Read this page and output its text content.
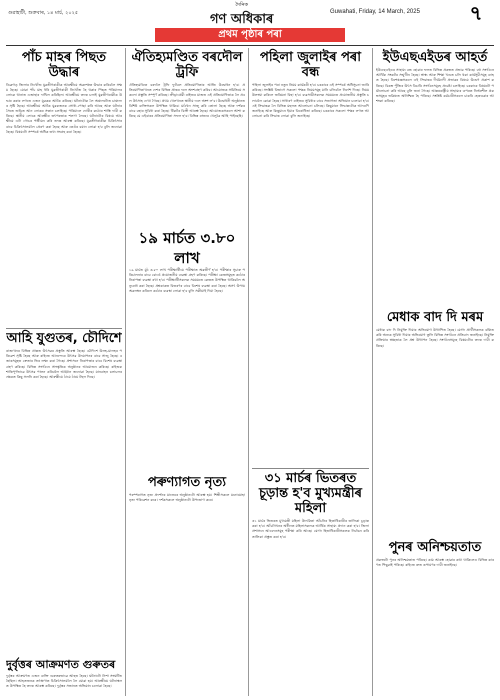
গুৱাহাটী, শুক্ৰবাৰ, ১৪ মাৰ্চ, ২০২৫
দৈনিক
গণ অধিকাৰ	Guwahati, Friday, 14 March, 2025	৭
প্ৰথম পৃষ্ঠাৰ পৰা
পাঁচ মাহৰ পিছত উদ্ধাৰ
ডিব্ৰুগড় জিলাৰ নিখোঁজ যুৱতীগৰাকীক আৰক্ষীয়ে অৱশেষত উদ্ধাৰ কৰিবলৈ সক্ষম হৈছে। যোৱা পাঁচ মাহ ধৰি যুৱতীগৰাকী নিখোঁজ হৈ থকাৰ পিছত পৰিয়ালৰ লোকে থানাত এজাহাৰ দাখিল কৰিছিল। আৰক্ষীয়ে তদন্ত চলাই যুৱতীগৰাকীক উদ্ধাৰ কৰাৰ লগতে এজন যুৱকক আটক কৰিছে। ঘটনাটোক লৈ অঞ্চলটোত চাঞ্চল্যৰ সৃষ্টি হৈছে। আৰক্ষীয়ে আটক যুৱকজনক সোধা-পোছা কৰি আছে আৰু ঘটনাৰ সৈতে জড়িত আন লোকৰ সন্ধান চলাইছে। পৰিয়ালে দোষীৰ কঠোৰ শাস্তি দাবী কৰিছে। স্থানীয় লোকে আৰক্ষীৰ তৎপৰতাক শলাগ লৈছে। ঘটনাটোৰ বিষয়ে আৰক্ষীয়ে এটা গোচৰ পঞ্জীয়ন কৰি তদন্ত আৰম্ভ কৰিছে। যুৱতীগৰাকীক চিকিৎসাৰ বাবে চিকিৎসালয়লৈ প্ৰেৰণ কৰা হৈছে আৰু তেওঁৰ বয়ান লোৱা হ'ব বুলি জনোৱা হৈছে। বিষয়টো সম্পৰ্কে অধিক তথ্য সংগ্ৰহ কৰা হৈছে।
আহি যুগুতৰ, চৌদিশে
ৰাজ্যখনৰ বিভিন্ন প্ৰান্তত উৎসৱৰ প্ৰস্তুতি আৰম্ভ হৈছে। চৌদিশে উলহ-মালহৰ পৰিৱেশ সৃষ্টি হৈছে আৰু ৰাইজে আনন্দেৰে উৎসৱ উদযাপনৰ বাবে সাজু হৈছে। বজাৰসমূহত ক্ৰেতাৰ ভিৰ লক্ষ্য কৰা গৈছে। প্ৰশাসনে নিৰাপত্তাৰ বাবে বিশেষ ব্যৱস্থা গ্ৰহণ কৰিছে। বিভিন্ন সংগঠনে সাংস্কৃতিক অনুষ্ঠানৰ আয়োজন কৰিছে। ৰাইজক শান্তিপূৰ্ণভাৱে উৎসৱ পালন কৰিবলৈ আহ্বান জনোৱা হৈছে। যানবাহন চলাচলৰ ক্ষেত্ৰত কিছু সলনি কৰা হৈছে। আৰক্ষীয়ে ঠায়ে ঠায়ে টহল দিছে।
দুৰ্বৃত্তৰ আক্ৰমণত গুৰুতৰ
দুৰ্বৃত্তৰ আক্ৰমণত এজন ব্যক্তি গুৰুতৰভাৱে আহত হৈছে। ঘটনাটো নিশা সংঘটিত হৈছিল। আহতজনক তৎক্ষণাত চিকিৎসালয়লৈ লৈ যোৱা হয়। আৰক্ষীয়ে ঘটনাস্থলত উপস্থিত হৈ তদন্ত আৰম্ভ কৰিছে। দুৰ্বৃত্তৰ সন্ধানত অভিযান চলোৱা হৈছে।
ঐতিহ্যমণ্ডিত বৰদৌল ট্ৰফি
ঐতিহ্যমণ্ডিত বৰদলৈ ট্ৰফি ফুটবল প্ৰতিযোগিতাৰ আজি উদ্বোধন হ'ব। প্ৰতিযোগিতাখনত দেশৰ বিভিন্ন প্ৰান্তৰ দলে অংশগ্ৰহণ কৰিব। আয়োজক সমিতিয়ে সকলো প্ৰস্তুতি সম্পূৰ্ণ কৰিছে। ক্ৰীড়াপ্ৰেমী ৰাইজৰ মাজত এই প্ৰতিযোগিতাক লৈ প্ৰবল উৎসাহ দেখা গৈছে। প্ৰথম খেলখনত স্থানীয় দলে অংশ ল'ব। উদ্বোধনী অনুষ্ঠানত বিশিষ্ট ব্যক্তিসকল উপস্থিত থাকিব। মাঠখন সাজু কৰি তোলা হৈছে আৰু দৰ্শকৰ বাবে বহাৰ সুবিধা কৰা হৈছে। টিকটৰ বিক্ৰী আৰম্ভ হৈছে। আয়োজকসকলে আশা কৰিছে যে এইবাৰৰ প্ৰতিযোগিতা সফল হ'ব। বিভিন্ন ৰাজ্যৰ খেলুৱৈ আহি পাইছেহি।
১৯ মাৰ্চত ৩.৮০ লাখ
১৯ মাৰ্চত মুঠ ৩.৮০ লাখ পৰীক্ষাৰ্থীয়ে পৰীক্ষাত অৱতীৰ্ণ হ'ব। পৰীক্ষাৰ সুচাৰু পৰিচালনাৰ বাবে বোৰ্ডে প্ৰয়োজনীয় ব্যৱস্থা গ্ৰহণ কৰিছে। পৰীক্ষা কেন্দ্ৰসমূহত কঠোৰ নিৰাপত্তা ব্যৱস্থা ৰখা হ'ব। পৰীক্ষাৰ্থীসকলক সময়মতে কেন্দ্ৰত উপস্থিত থাকিবলৈ অনুৰোধ কৰা হৈছে। প্ৰশ্নকাকত বিতৰণৰ বাবে বিশেষ ব্যৱস্থা কৰা হৈছে। অসৎ উপায় অৱলম্বন কৰিলে কঠোৰ ব্যৱস্থা লোৱা হ'ব বুলি সকীয়াই দিয়া হৈছে।
পৰুণ্যাগত নৃত্য
পৰম্পৰাগত নৃত্য প্ৰদৰ্শনৰ মাজেৰে অনুষ্ঠানটো আৰম্ভ হয়। শিল্পীসকলে মনোমোহা নৃত্য পৰিৱেশন কৰে। দৰ্শকসকলে অনুষ্ঠানটো উপভোগ কৰে।
পহিলা জুলাইৰ পৰা বন্ধ
পহিলা জুলাইৰ পৰা নতুন নিয়ম কাৰ্যকৰী হ'ব। চৰকাৰে এই সম্পৰ্কে অধিসূচনা জাৰি কৰিছে। সংশ্লিষ্ট বিভাগে সকলো পক্ষক নিয়মসমূহ মানি চলিবলৈ নিৰ্দেশ দিছে। নিয়ম উলংঘা কৰিলে জৰিমনা বিহা হ'ব। ব্যৱসায়ীসকলক সময়মতে প্ৰয়োজনীয় প্ৰস্তুতি চলাবলৈ কোৱা হৈছে। সাধাৰণ ৰাইজৰ সুবিধাৰ বাবে সজাগতা অভিযান চলোৱা হ'ব। এই সিদ্ধান্তক লৈ বিভিন্ন মহলত আলোচনা চলিছে। কিছুমানে সিদ্ধান্তটোক আদৰণি জনাইছে আৰু কিছুমানে ইয়াৰ বিৰোধিতা কৰিছে। চৰকাৰে সকলো পক্ষৰ লগত আলোচনা কৰি সিদ্ধান্ত লোৱা বুলি জনাইছে।
৩১ মাৰ্চৰ ভিতৰত চূড়ান্ত হ'ব মুখ্যমন্ত্ৰীৰ মহিলা
৩১ মাৰ্চৰ ভিতৰত মুখ্যমন্ত্ৰী মহিলা উদ্যমিতা আঁচনিৰ হিতাধিকাৰীৰ তালিকা চূড়ান্ত কৰা হ'ব। আঁচনিখনৰ অধীনত মহিলাসকলক আৰ্থিক সাহায্য প্ৰদান কৰা হ'ব। জিলা প্ৰশাসনে আবেদনসমূহ পৰীক্ষা কৰি আছে। যোগ্য হিতাধিকাৰীসকলক নিৰ্বাচন কৰি তালিকা প্ৰস্তুত কৰা হ'ব।
ইউএছএইডৰ আহৰ্ত
ইউএছএইডৰ সাহায্য বন্ধ হোৱাৰ ফলত বিভিন্ন প্ৰকল্পত প্ৰভাৱ পৰিছে। বহু সংগঠনে আৰ্থিক সংকটৰ সন্মুখীন হৈছে। স্বাস্থ্য আৰু শিক্ষা খণ্ডত চলি থকা কাৰ্যসূচীসমূহ ব্যাহত হৈছে। বিশেষজ্ঞসকলে এই সিদ্ধান্তৰ দীৰ্ঘম্যাদী প্ৰভাৱৰ বিষয়ে উদ্বেগ প্ৰকাশ কৰিছে। বিকল্প পুঁজিৰ উৎস বিচাৰি সংগঠনসমূহে প্ৰচেষ্টা চলাইছে। চৰকাৰে বিষয়টো পৰ্যালোচনা কৰি আছে বুলি জনা গৈছে। আন্তঃৰাষ্ট্ৰীয় সাহায্যৰ ওপৰত নিৰ্ভৰশীল প্ৰকল্পসমূহৰ ভৱিষ্যত অনিশ্চিত হৈ পৰিছে। সংশ্লিষ্ট কৰ্মচাৰীসকলে চাকৰি হেৰুওৱাৰ আশংকা কৰিছে।
মেধাক বাদ দি মৰম
মেধাক বাদ দি নিযুক্তি দিয়াৰ অভিযোগ উত্থাপিত হৈছে। যোগ্য প্ৰাৰ্থীসকলক বঞ্চিত কৰি অন্যক সুবিধা দিয়াৰ অভিযোগ তুলি বিভিন্ন সংগঠনে প্ৰতিবাদ জনাইছে। নিযুক্তি প্ৰক্ৰিয়াৰ স্বচ্ছতাক লৈ প্ৰশ্ন উত্থাপন হৈছে। সংগঠনসমূহে বিষয়টোৰ তদন্ত দাবী কৰিছে।
পুনৰ অনিশ্চয়তাত
প্ৰকল্পটো পুনৰ অনিশ্চয়তাত পৰিছে। কাম আৰম্ভ হোৱাৰ কথা থাকিলেও বিভিন্ন কাৰণত পিছুৱাই পৰিছে। ৰাইজে দ্ৰুত ৰূপায়ণৰ দাবী জনাইছে।
